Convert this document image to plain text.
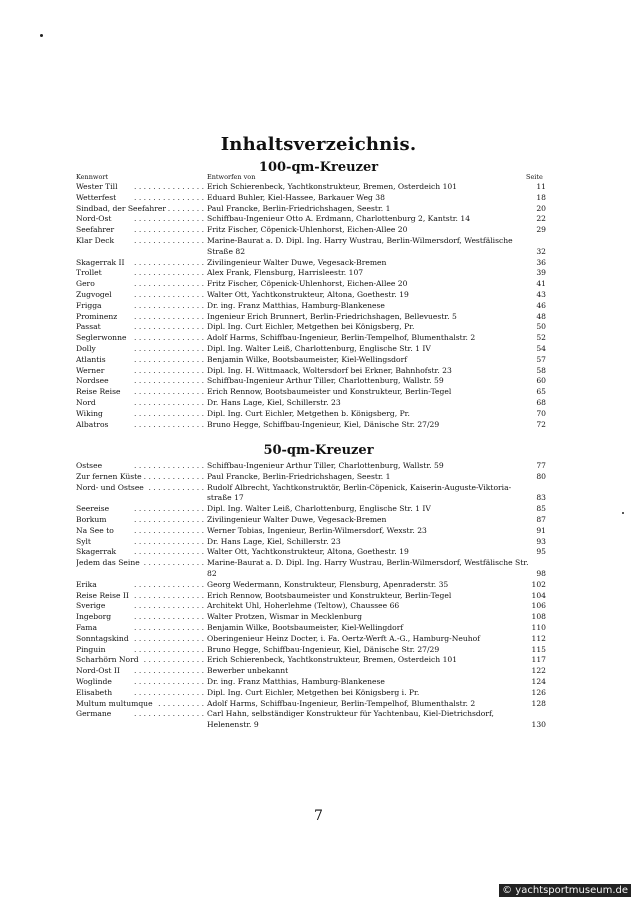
Inhaltsverzeichnis.
100-qm-Kreuzer
Kennwort	Entworfen von	Seite
Wester Till . . .	Erich Schierenbeck, Yachtkonstrukteur, Bremen, Osterdeich 101	11
Wetterfest . . .	Eduard Buhler, Kiel-Hassee, Barkauer Weg 38	18
Sindbad, der Seefahrer . . .	Paul Francke, Berlin-Friedrichshagen, Seestr. 1	20
Nord-Ost . . .	Schiffbau-Ingenieur Otto A. Erdmann, Charlottenburg 2, Kantstr. 14	22
Seefahrer . . .	Fritz Fischer, Cöpenick-Uhlenhorst, Eichen-Allee 20	29
Klar Deck . . .	Marine-Baurat a. D. Dipl. Ing. Harry Wustrau, Berlin-Wilmersdorf, Westfälische Straße 82	32
Skagerrak II . . .	Zivilingenieur Walter Duwe, Vegesack-Bremen	36
Trollet . . .	Alex Frank, Flensburg, Harrisleestr. 107	39
Gero . . .	Fritz Fischer, Cöpenick-Uhlenhorst, Eichen-Allee 20	41
Zugvogel . . .	Walter Ott, Yachtkonstrukteur, Altona, Goethestr. 19	43
Frigga . . .	Dr. ing. Franz Matthias, Hamburg-Blankenese	46
Prominenz . . .	Ingenieur Erich Brunnert, Berlin-Friedrichshagen, Bellevuestr. 5	48
Passat . . .	Dipl. Ing. Curt Eichler, Metgethen bei Königsberg, Pr.	50
Seglerwonne . . .	Adolf Harms, Schiffbau-Ingenieur, Berlin-Tempelhof, Blumenthalstr. 2	52
Dolly . . .	Dipl. Ing. Walter Leiß, Charlottenburg, Englische Str. 1 IV	54
Atlantis . . .	Benjamin Wilke, Bootsbaumeister, Kiel-Wellingsdorf	57
Werner . . .	Dipl. Ing. H. Wittmaack, Woltersdorf bei Erkner, Bahnhofstr. 23	58
Nordsee . . .	Schiffbau-Ingenieur Arthur Tiller, Charlottenburg, Wallstr. 59	60
Reise Reise . . .	Erich Rennow, Bootsbaumeister und Konstrukteur, Berlin-Tegel	65
Nord . . .	Dr. Hans Lage, Kiel, Schillerstr. 23	68
Wiking . . .	Dipl. Ing. Curt Eichler, Metgethen b. Königsberg, Pr.	70
Albatros . . .	Bruno Hegge, Schiffbau-Ingenieur, Kiel, Dänische Str. 27/29	72
50-qm-Kreuzer
Ostsee . . .	Schiffbau-Ingenieur Arthur Tiller, Charlottenburg, Wallstr. 59	77
Zur fernen Küste . . .	Paul Francke, Berlin-Friedrichshagen, Seestr. 1	80
Nord- und Ostsee . . .	Rudolf Albrecht, Yachtkonstruktör, Berlin-Cöpenick, Kaiserin-Auguste-Viktoria-straße 17	83
Seereise . . .	Dipl. Ing. Walter Leiß, Charlottenburg, Englische Str. 1 IV	85
Borkum . . .	Zivilingenieur Walter Duwe, Vegesack-Bremen	87
Na See to . . .	Werner Tobias, Ingenieur, Berlin-Wilmersdorf, Wexstr. 23	91
Sylt . . .	Dr. Hans Lage, Kiel, Schillerstr. 23	93
Skagerrak . . .	Walter Ott, Yachtkonstrukteur, Altona, Goethestr. 19	95
Jedem das Seine . . .	Marine-Baurat a. D. Dipl. Ing. Harry Wustrau, Berlin-Wilmersdorf, Westfälische Str. 82	98
Erika . . .	Georg Wedermann, Konstrukteur, Flensburg, Apenraderstr. 35	102
Reise Reise II . . .	Erich Rennow, Bootsbaumeister und Konstrukteur, Berlin-Tegel	104
Sverige . . .	Architekt Uhl, Hoherlehme (Teltow), Chaussee 66	106
Ingeborg . . .	Walter Protzen, Wismar in Mecklenburg	108
Fama . . .	Benjamin Wilke, Bootsbaumeister, Kiel-Wellingdorf	110
Sonntagskind . . .	Oberingenieur Heinz Docter, i. Fa. Oertz-Werft A.-G., Hamburg-Neuhof	112
Pinguin . . .	Bruno Hegge, Schiffbau-Ingenieur, Kiel, Dänische Str. 27/29	115
Scharhörn Nord . . .	Erich Schierenbeck, Yachtkonstrukteur, Bremen, Osterdeich 101	117
Nord-Ost II . . .	Bewerber unbekannt	122
Woglinde . . .	Dr. ing. Franz Matthias, Hamburg-Blankenese	124
Elisabeth . . .	Dipl. Ing. Curt Eichler, Metgethen bei Königsberg i. Pr.	126
Multum multumque . . .	Adolf Harms, Schiffbau-Ingenieur, Berlin-Tempelhof, Blumenthalstr. 2	128
Germane . . .	Carl Hahn, selbständiger Konstrukteur für Yachtenbau, Kiel-Dietrichsdorf, Helenenstr. 9	130
7
© yachtsportmuseum.de
